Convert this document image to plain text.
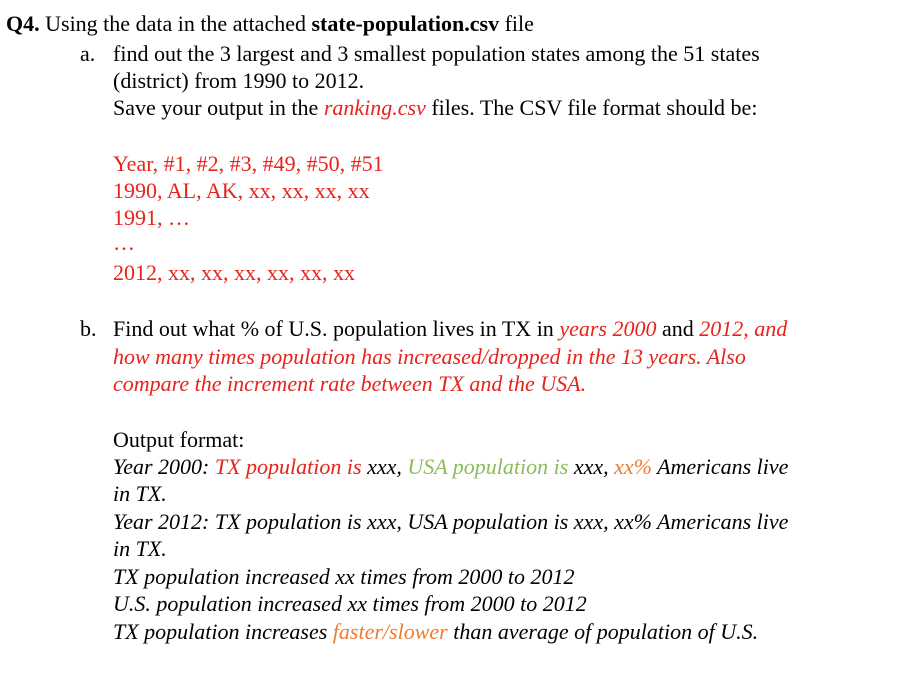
Q4. Using the data in the attached state-population.csv file
a. find out the 3 largest and 3 smallest population states among the 51 states
(district) from 1990 to 2012.
Save your output in the ranking.csv files. The CSV file format should be:
Year, #1, #2, #3, #49, #50, #51
1990, AL, AK, xx, xx, xx, xx
1991, …
…
2012, xx, xx, xx, xx, xx, xx
b. Find out what % of U.S. population lives in TX in years 2000 and 2012, and
how many times population has increased/dropped in the 13 years. Also
compare the increment rate between TX and the USA.
Output format:
Year 2000: TX population is xxx, USA population is xxx, xx% Americans live
in TX.
Year 2012: TX population is xxx, USA population is xxx, xx% Americans live
in TX.
TX population increased xx times from 2000 to 2012
U.S. population increased xx times from 2000 to 2012
TX population increases faster/slower than average of population of U.S.
